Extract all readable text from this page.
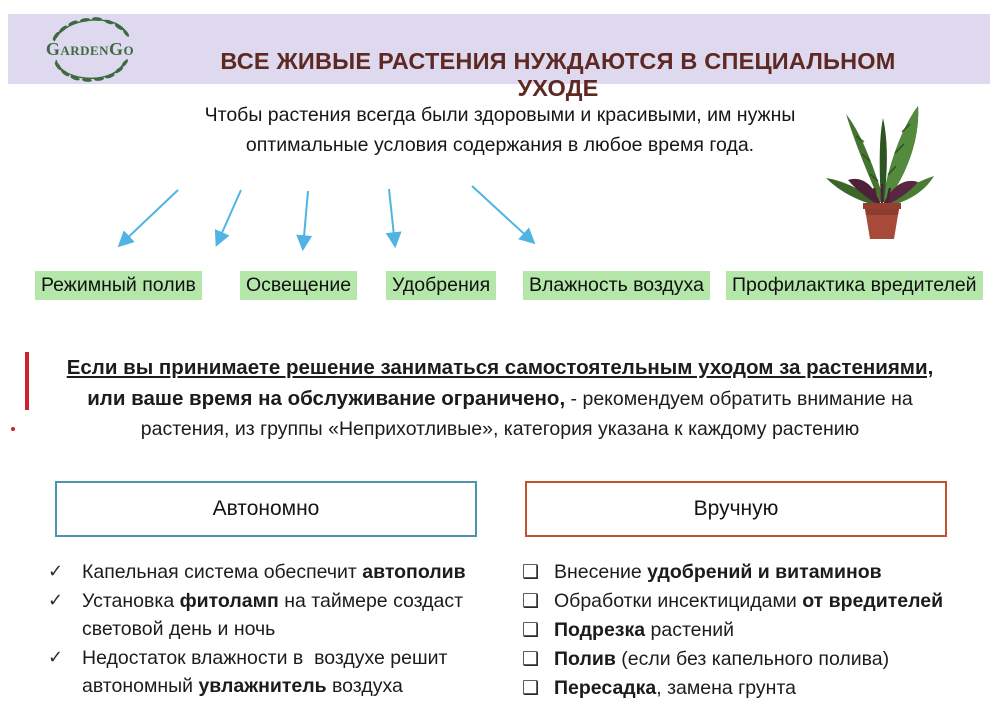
ВСЕ ЖИВЫЕ РАСТЕНИЯ НУЖДАЮТСЯ В СПЕЦИАЛЬНОМ УХОДЕ
GardenGo
Чтобы растения всегда были здоровыми и красивыми, им нужны оптимальные условия содержания в любое время года.
Режимный полив	Освещение	Удобрения	Влажность воздуха	Профилактика вредителей
Если вы принимаете решение заниматься самостоятельным уходом за растениями,
или ваше время на обслуживание ограничено, - рекомендуем обратить внимание на
растения, из группы «Неприхотливые», категория указана к каждому растению
Автономно	Вручную
✓ Капельная система обеспечит автополив
✓ Установка фитоламп на таймере создаст световой день и ночь
✓ Недостаток влажности в  воздухе решит автономный увлажнитель воздуха
❑ Внесение удобрений и витаминов
❑ Обработки инсектицидами от вредителей
❑ Подрезка растений
❑ Полив (если без капельного полива)
❑ Пересадка, замена грунта
